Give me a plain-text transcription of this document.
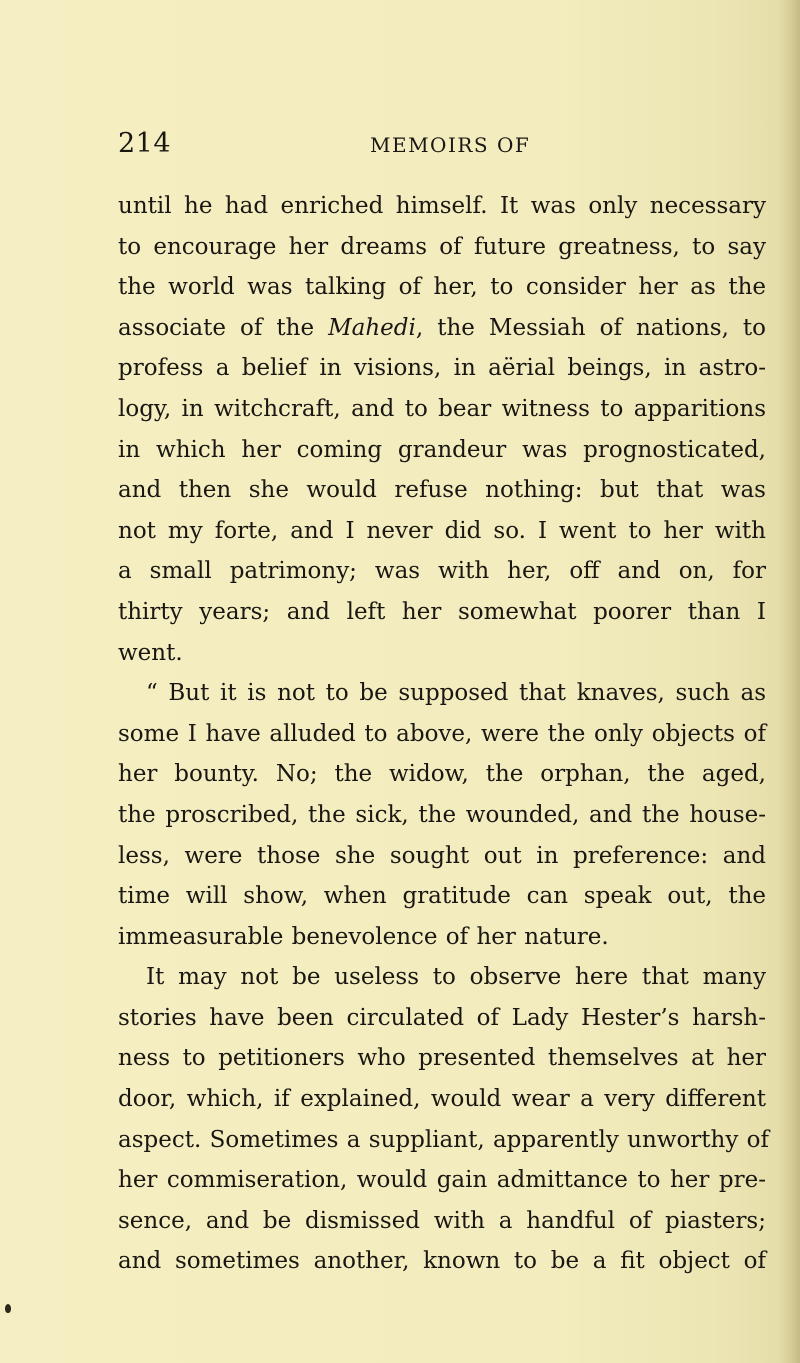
214	MEMOIRS OF
until he had enriched himself. It was only necessary
to encourage her dreams of future greatness, to say
the world was talking of her, to consider her as the
associate of the Mahedi, the Messiah of nations, to
profess a belief in visions, in aërial beings, in astro-
logy, in witchcraft, and to bear witness to apparitions
in which her coming grandeur was prognosticated,
and then she would refuse nothing: but that was
not my forte, and I never did so. I went to her with
a small patrimony; was with her, off and on, for
thirty years; and left her somewhat poorer than I
went.
“ But it is not to be supposed that knaves, such as
some I have alluded to above, were the only objects of
her bounty. No; the widow, the orphan, the aged,
the proscribed, the sick, the wounded, and the house-
less, were those she sought out in preference: and
time will show, when gratitude can speak out, the
immeasurable benevolence of her nature.
It may not be useless to observe here that many
stories have been circulated of Lady Hester’s harsh-
ness to petitioners who presented themselves at her
door, which, if explained, would wear a very different
aspect. Sometimes a suppliant, apparently unworthy of
her commiseration, would gain admittance to her pre-
sence, and be dismissed with a handful of piasters;
and sometimes another, known to be a fit object of
